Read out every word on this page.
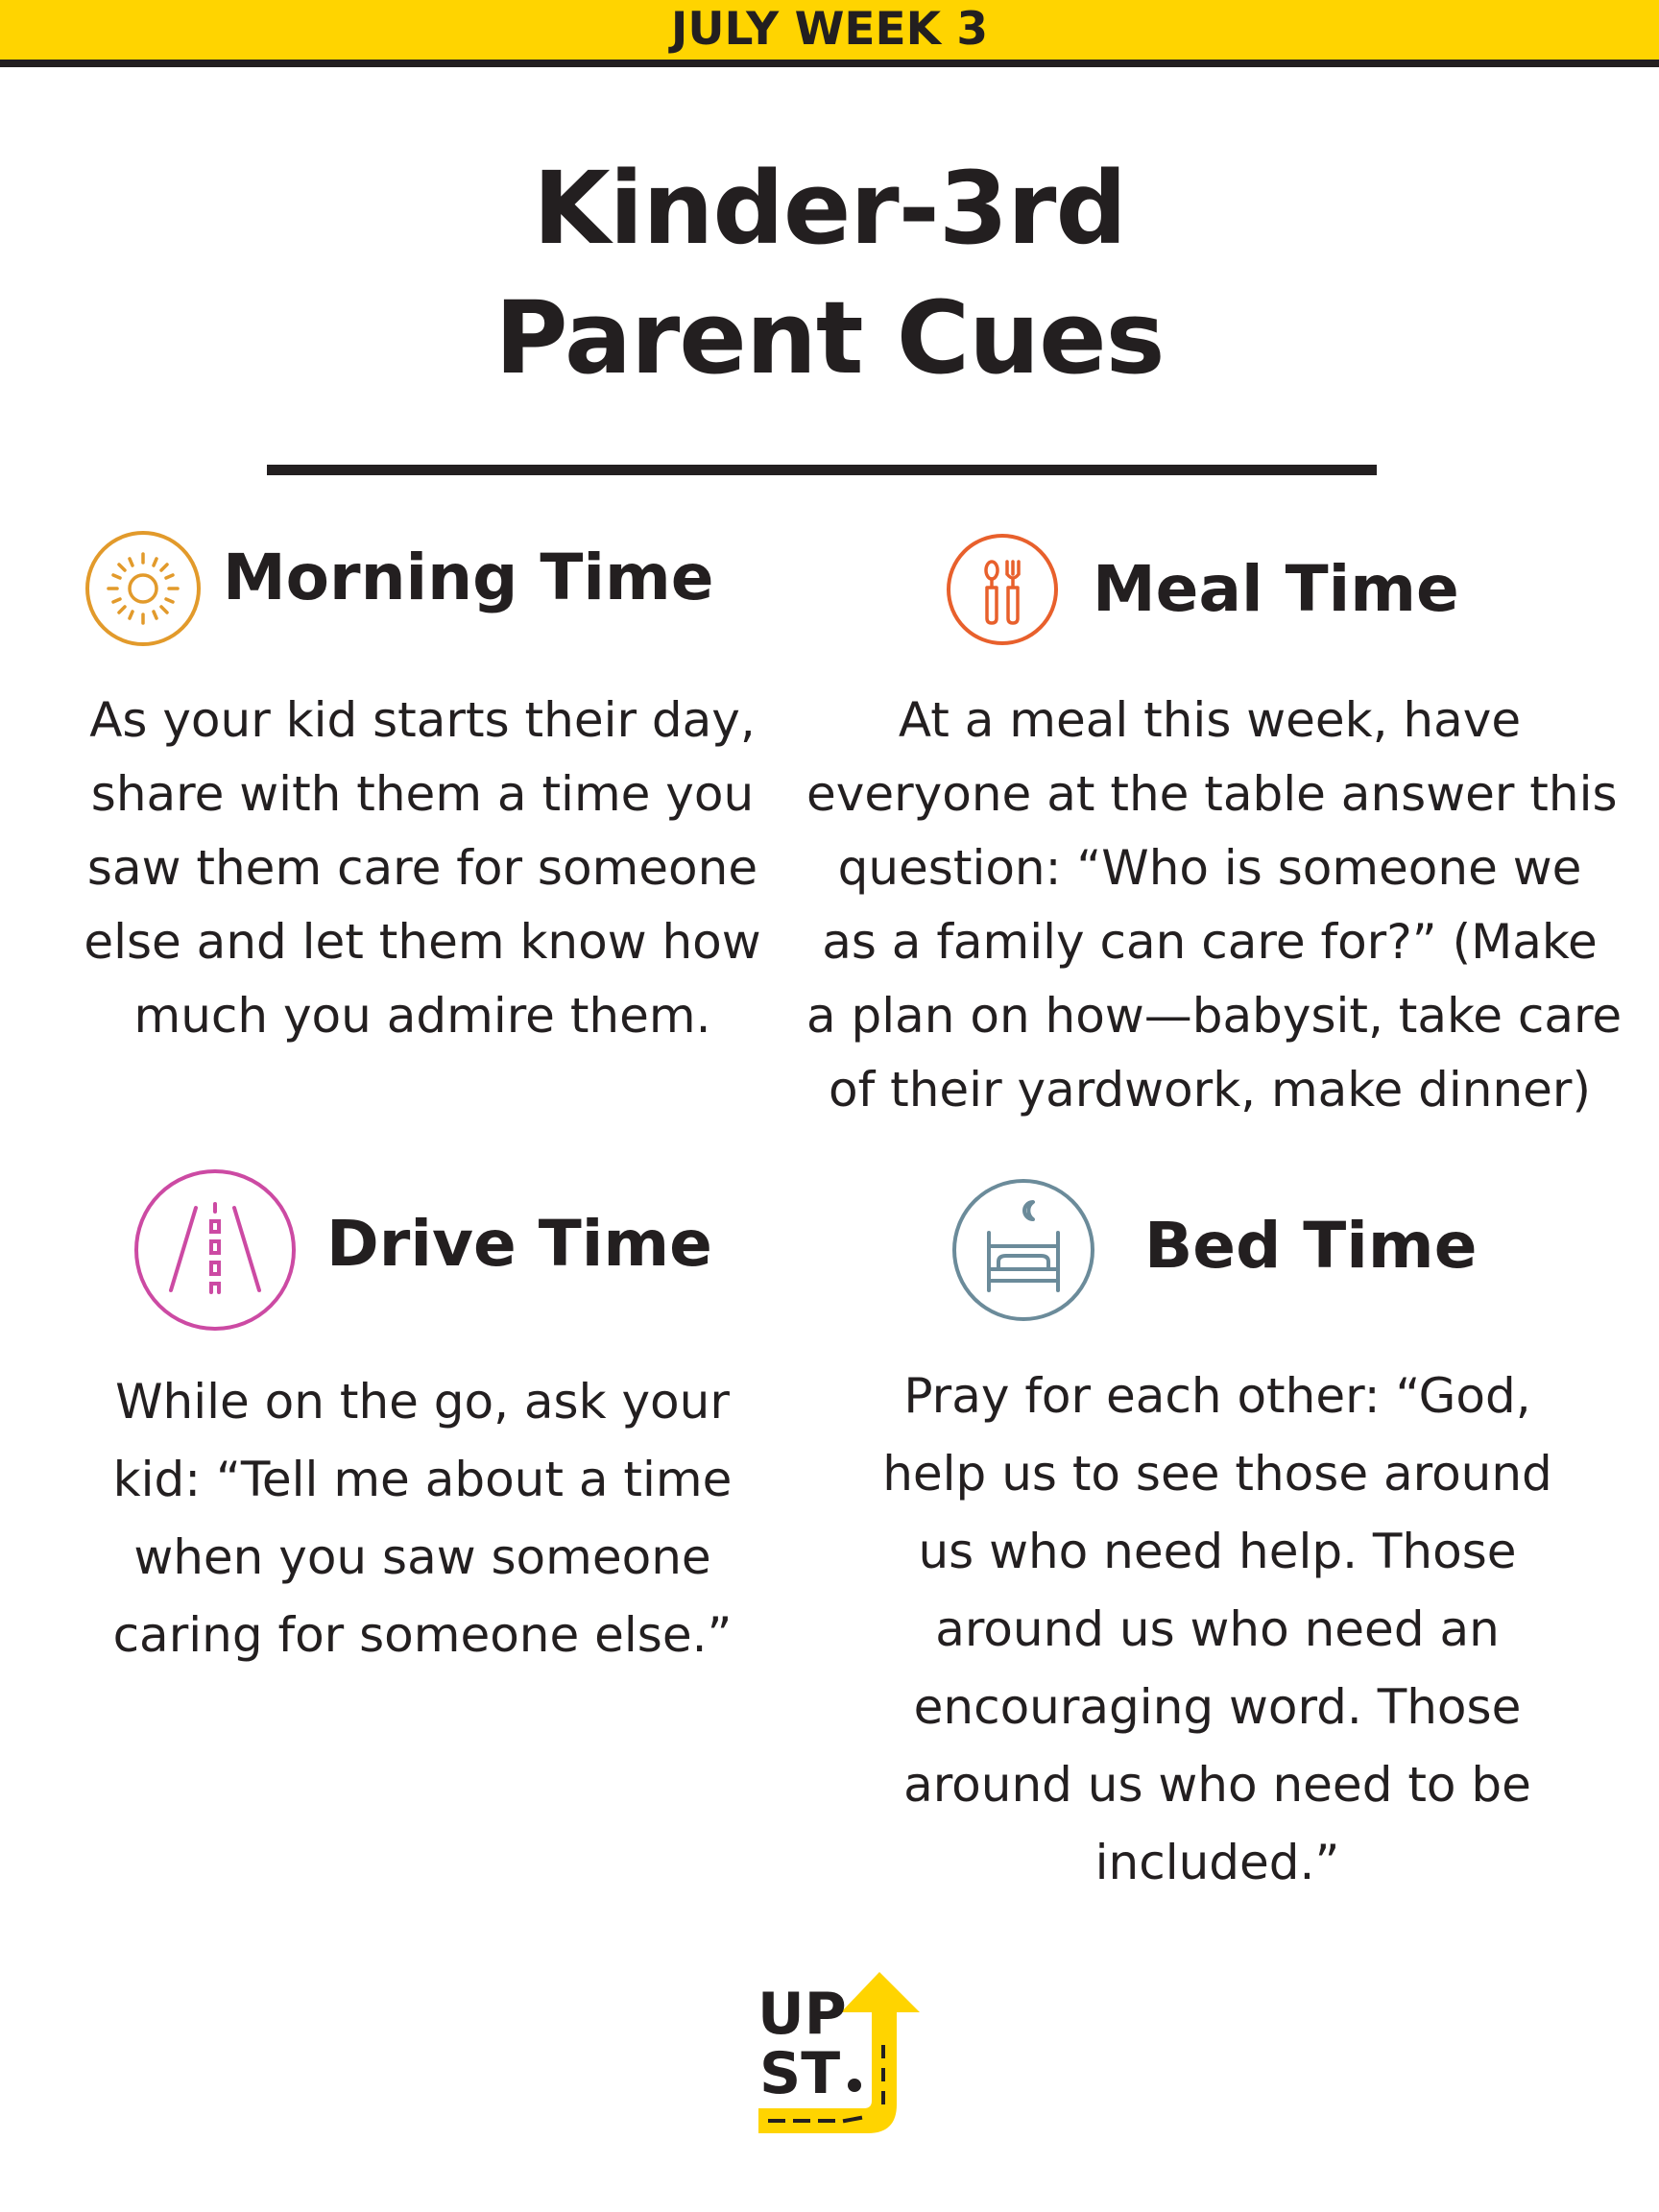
JULY WEEK 3
Kinder-3rd
Parent Cues
Morning Time

As your kid starts their day,
share with them a time you
saw them care for someone
else and let them know how
much you admire them.

Meal Time

At a meal this week, have
everyone at the table answer this
question: “Who is someone we
as a family can care for?” (Make
a plan on how—babysit, take care
of their yardwork, make dinner)

Drive Time

While on the go, ask your
kid: “Tell me about a time
when you saw someone
caring for someone else.”

Bed Time

Pray for each other: “God,
help us to see those around
us who need help. Those
around us who need an
encouraging word. Those
around us who need to be
included.”

UP
ST
